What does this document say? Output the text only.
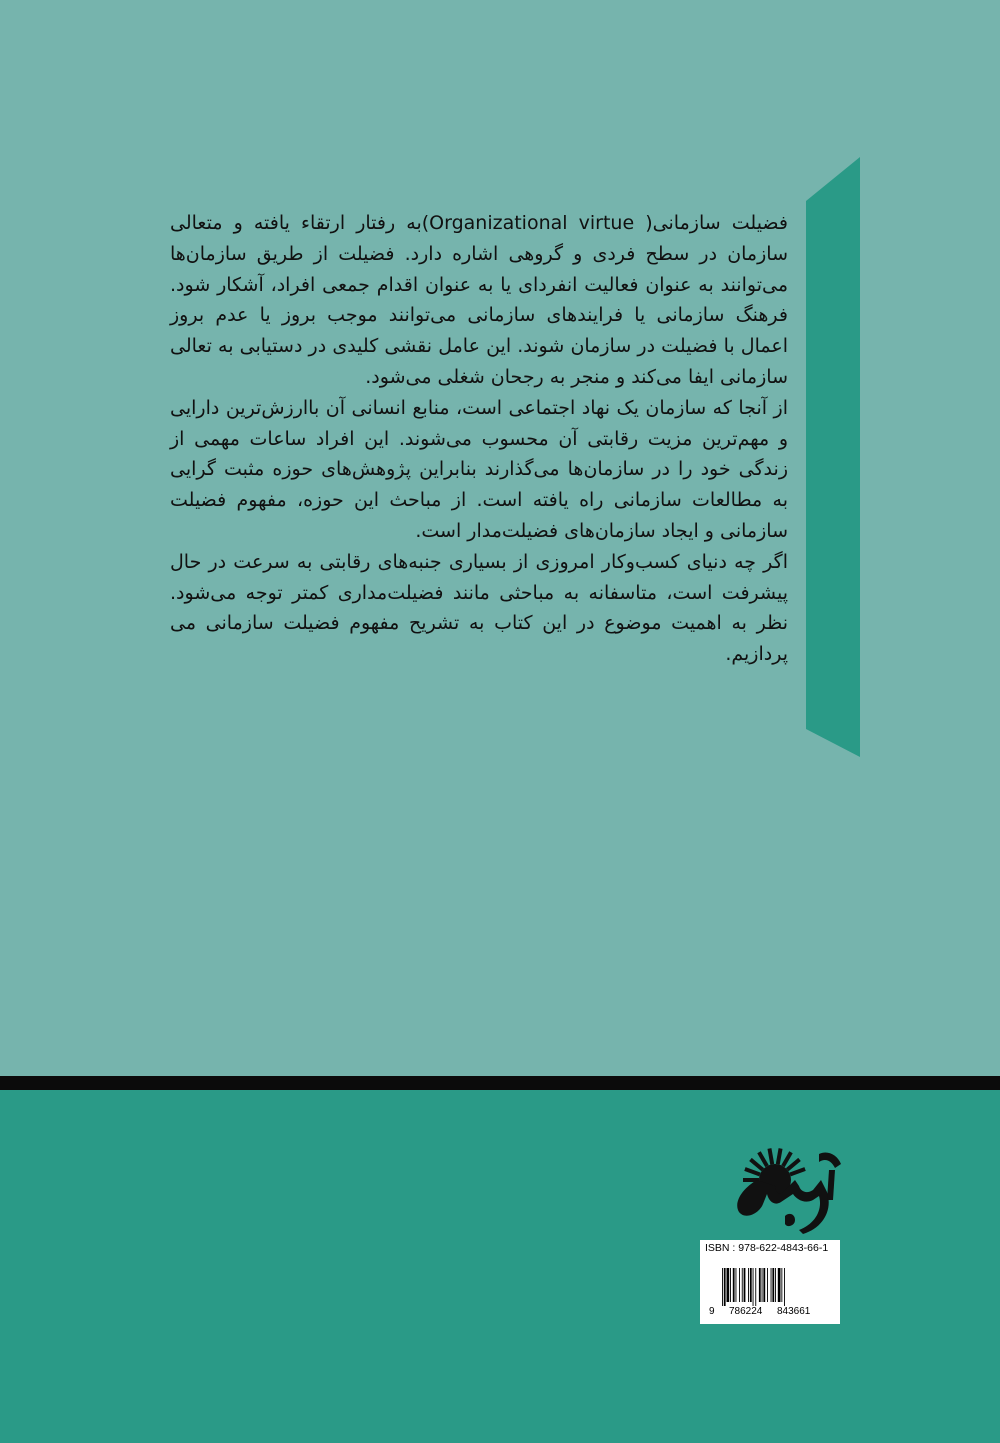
فضیلت سازمانی( Organizational virtue)به رفتار ارتقاء یافته و متعالی سازمان در سطح فردی و گروهی اشاره دارد. فضیلت از طریق سازمان‌ها می‌توانند به عنوان فعالیت انفردای یا به عنوان اقدام جمعی افراد، آشکار شود. فرهنگ سازمانی یا فرایندهای سازمانی می‌توانند موجب بروز یا عدم بروز اعمال با فضیلت در سازمان شوند. این عامل نقشی کلیدی در دستیابی به تعالی سازمانی ایفا می‌کند و منجر به رجحان شغلی می‌شود.

از آنجا که سازمان یک نهاد اجتماعی است، منابع انسانی آن باارزش‌ترین دارایی و مهم‌ترین مزیت رقابتی آن محسوب می‌شوند. این افراد ساعات مهمی از زندگی خود را در سازمان‌ها می‌گذارند بنابراین پژوهش‌های حوزه مثبت گرایی به مطالعات سازمانی راه یافته است. از مباحث این حوزه، مفهوم فضیلت سازمانی و ایجاد سازمان‌های فضیلت‌مدار است.

اگر چه دنیای کسب‌وکار امروزی از بسیاری جنبه‌های رقابتی به سرعت در حال پیشرفت است، متاسفانه به مباحثی مانند فضیلت‌مداری کمتر توجه می‌شود. نظر به اهمیت موضوع در این کتاب به تشریح مفهوم فضیلت سازمانی می پردازیم.

ISBN : 978-622-4843-66-1
9 786224 843661
